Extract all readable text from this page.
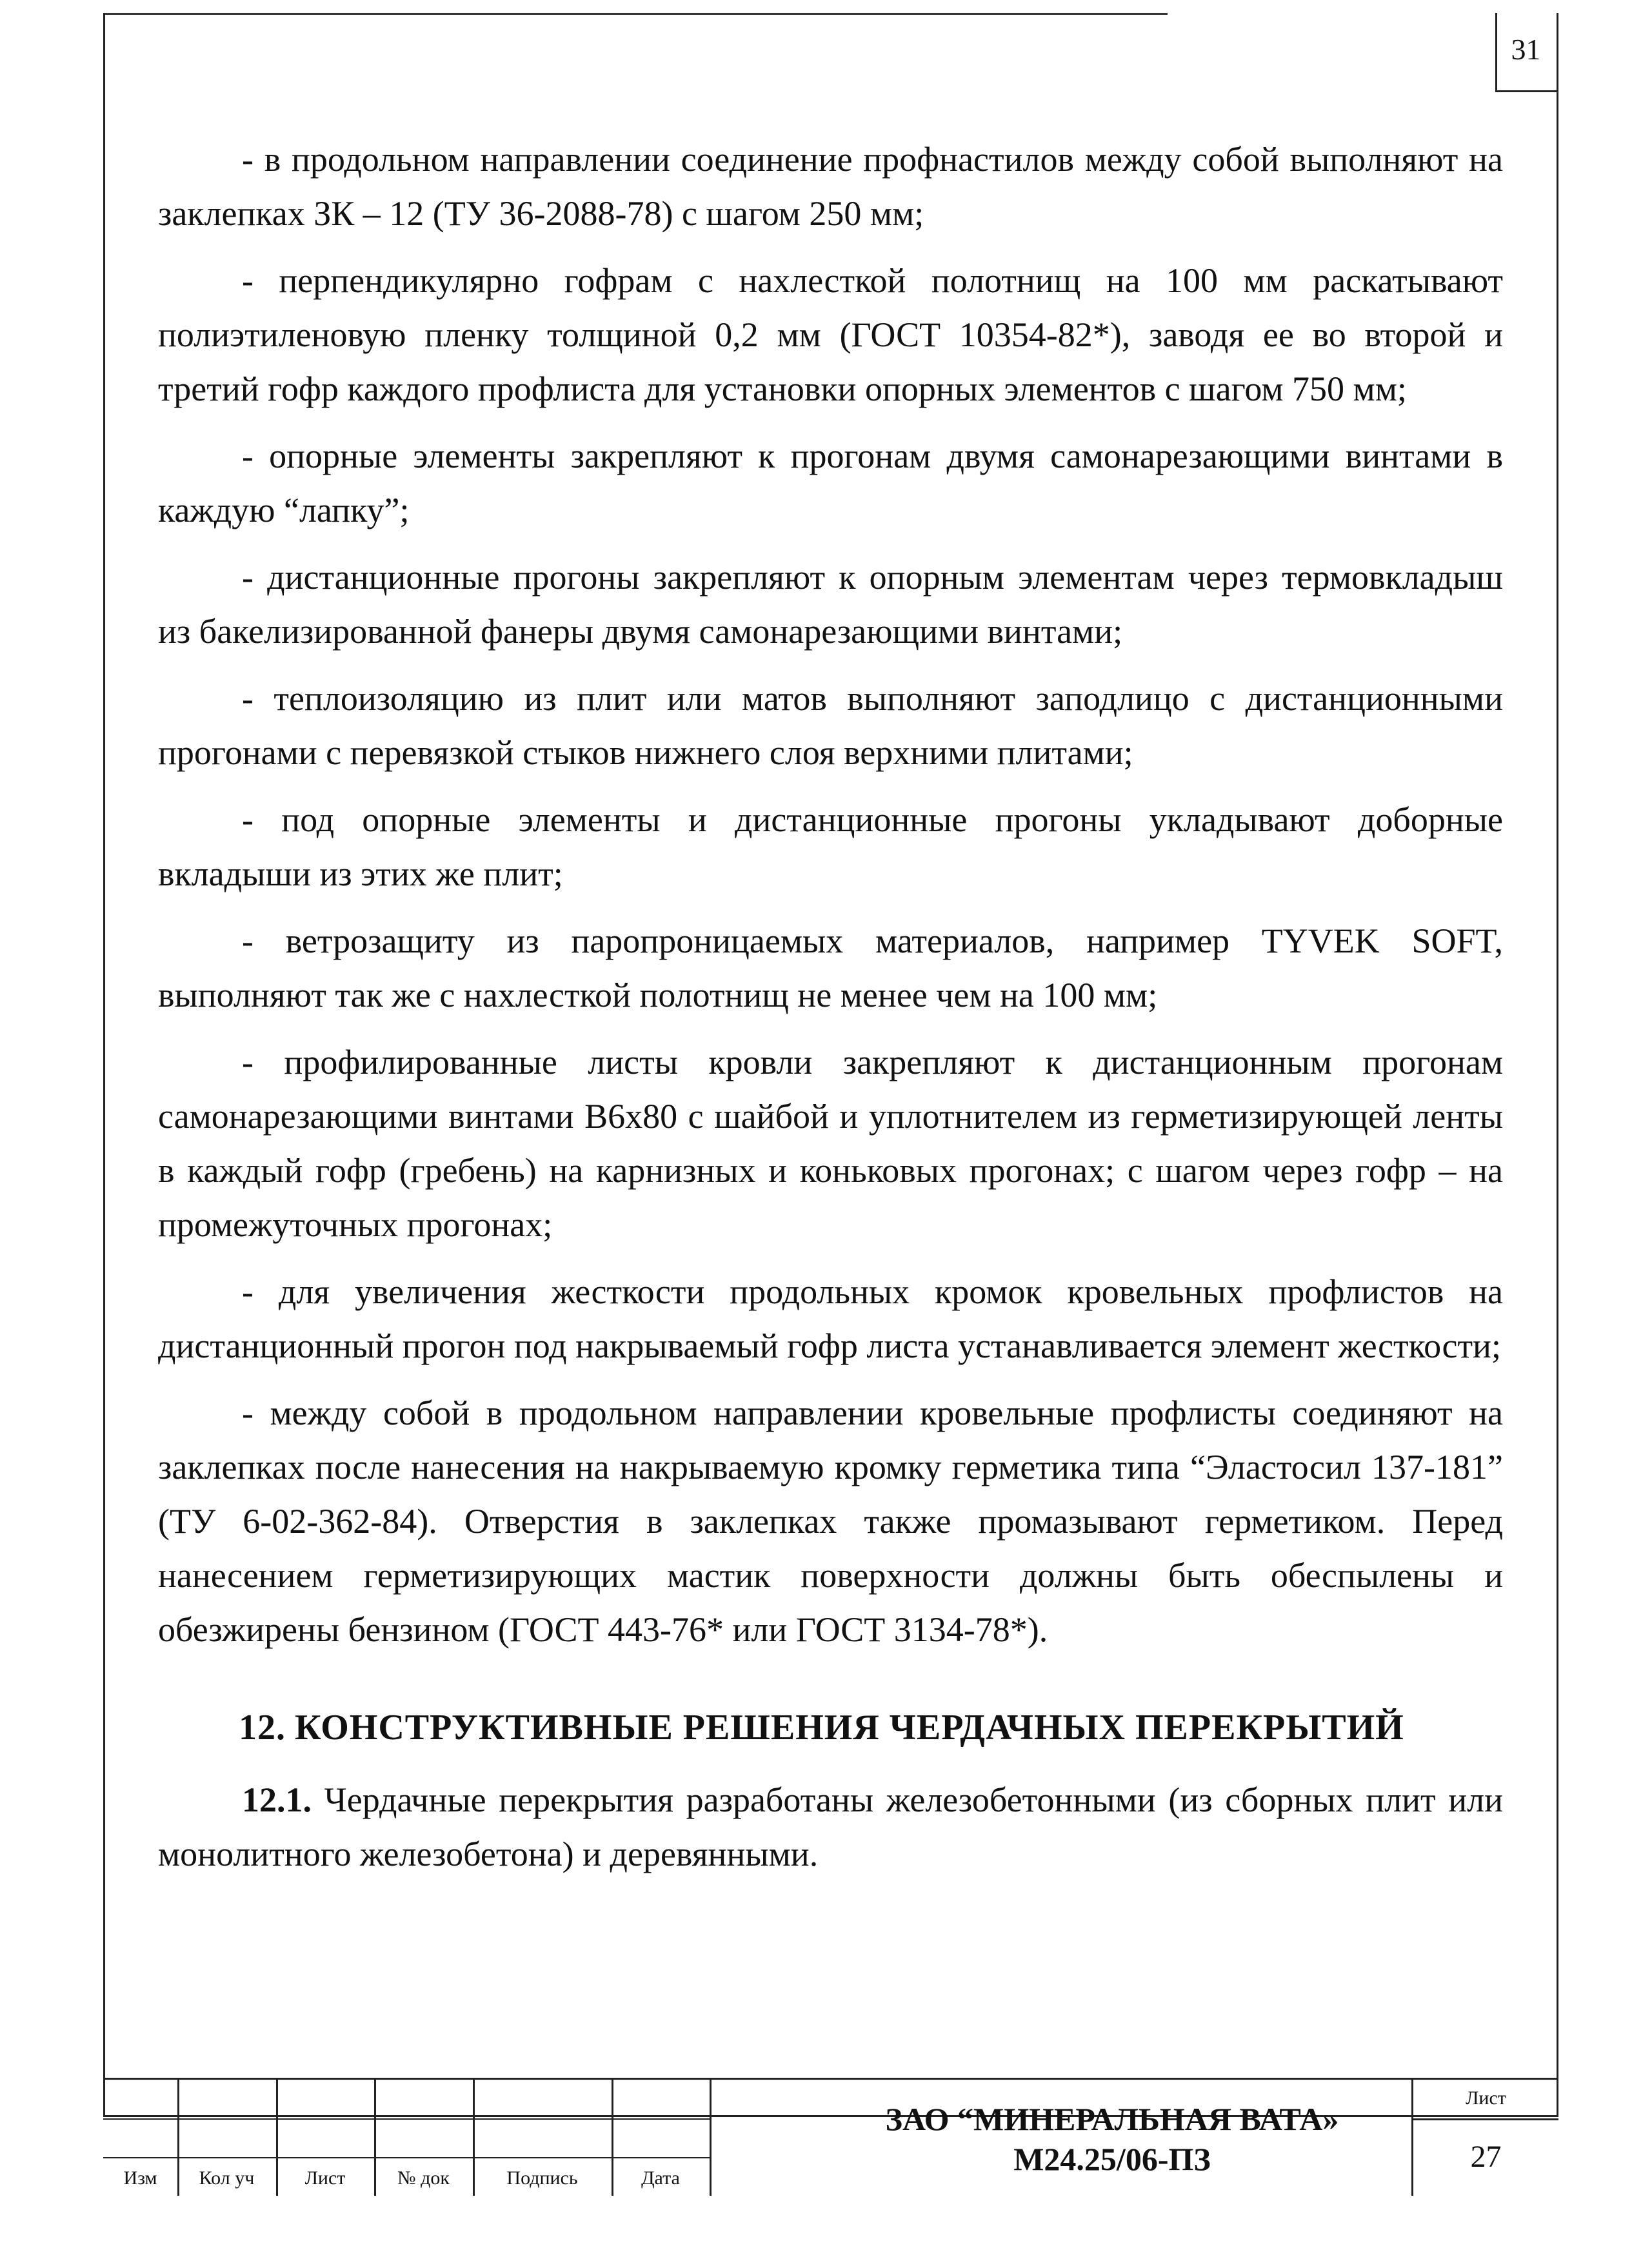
31

- в продольном направлении соединение профнастилов между собой выполняют на заклепках ЗК – 12 (ТУ 36-2088-78) с шагом 250 мм;

- перпендикулярно гофрам с нахлесткой полотнищ на 100 мм раскатывают полиэтиленовую пленку толщиной 0,2 мм (ГОСТ 10354-82*), заводя ее во второй и третий гофр каждого профлиста для установки опорных элементов с шагом 750 мм;

- опорные элементы закрепляют к прогонам двумя самонарезающими винтами в каждую “лапку”;

- дистанционные прогоны закрепляют к опорным элементам через термовкладыш из бакелизированной фанеры двумя самонарезающими винтами;

- теплоизоляцию из плит или матов выполняют заподлицо с дистанционными прогонами с перевязкой стыков нижнего слоя верхними плитами;

- под опорные элементы и дистанционные прогоны укладывают доборные вкладыши из этих же плит;

- ветрозащиту из паропроницаемых материалов, например TYVEK SOFT, выполняют так же с нахлесткой полотнищ не менее чем на 100 мм;

- профилированные листы кровли закрепляют к дистанционным прогонам самонарезающими винтами В6х80 с шайбой и уплотнителем из герметизирующей ленты в каждый гофр (гребень) на карнизных и коньковых прогонах; с шагом через гофр – на промежуточных прогонах;

- для увеличения жесткости продольных кромок кровельных профлистов на дистанционный прогон под накрываемый гофр листа устанавливается элемент жесткости;

- между собой в продольном направлении кровельные профлисты соединяют на заклепках после нанесения на накрываемую кромку герметика типа “Эластосил 137-181” (ТУ 6-02-362-84). Отверстия в заклепках также промазывают герметиком. Перед нанесением герметизирующих мастик поверхности должны быть обеспылены и обезжирены бензином (ГОСТ 443-76* или ГОСТ 3134-78*).

12. КОНСТРУКТИВНЫЕ РЕШЕНИЯ ЧЕРДАЧНЫХ ПЕРЕКРЫТИЙ

12.1. Чердачные перекрытия разработаны железобетонными (из сборных плит или монолитного железобетона) и деревянными.

Изм	Кол уч	Лист	№ док	Подпись	Дата
ЗАО “МИНЕРАЛЬНАЯ ВАТА»
М24.25/06-ПЗ
Лист
27
